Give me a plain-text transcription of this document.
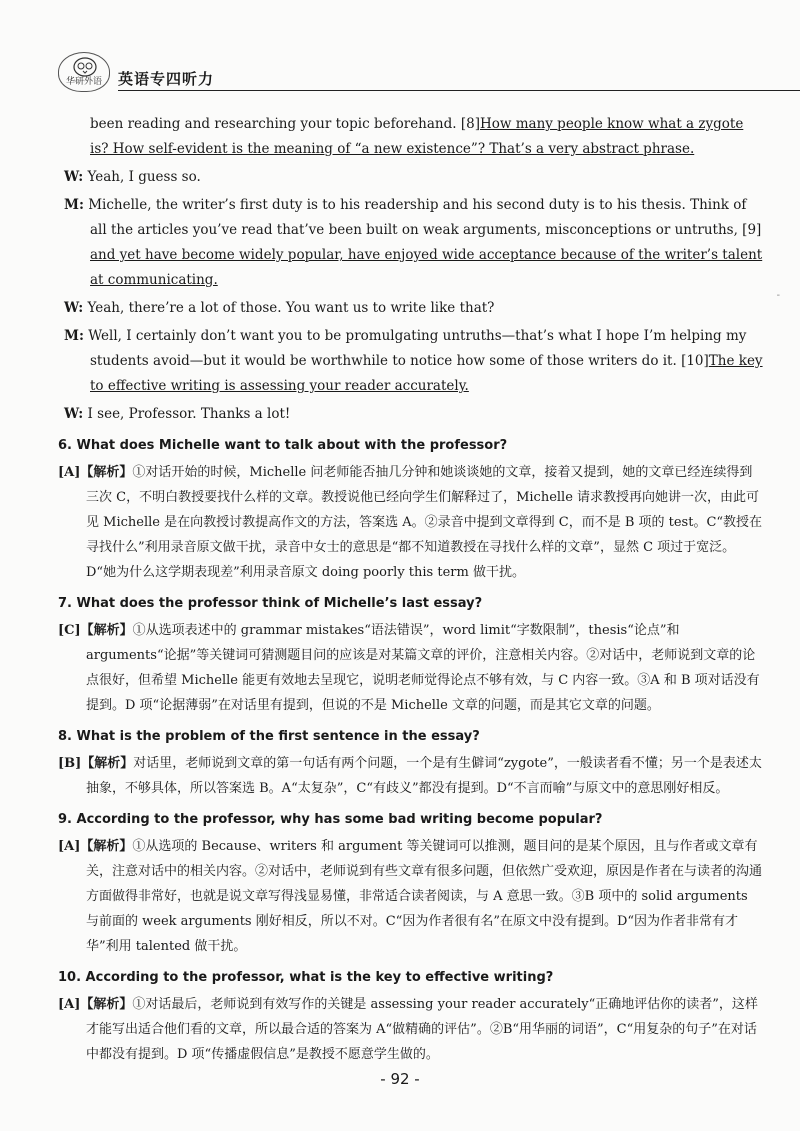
华研外语	英语专四听力
-
been reading and researching your topic beforehand. [8]How many people know what a zygote is? How self-evident is the meaning of “a new existence”? That’s a very abstract phrase.
W: Yeah, I guess so.
M: Michelle, the writer’s first duty is to his readership and his second duty is to his thesis. Think of all the articles you’ve read that’ve been built on weak arguments, misconceptions or untruths, [9] and yet have become widely popular, have enjoyed wide acceptance because of the writer’s talent at communicating.
W: Yeah, there’re a lot of those. You want us to write like that?
M: Well, I certainly don’t want you to be promulgating untruths—that’s what I hope I’m helping my students avoid—but it would be worthwhile to notice how some of those writers do it. [10]The key to effective writing is assessing your reader accurately.
W: I see, Professor. Thanks a lot!
6. What does Michelle want to talk about with the professor?
[A]【解析】①对话开始的时候，Michelle 问老师能否抽几分钟和她谈谈她的文章，接着又提到，她的文章已经连续得到三次 C，不明白教授要找什么样的文章。教授说他已经向学生们解释过了，Michelle 请求教授再向她讲一次，由此可见 Michelle 是在向教授讨教提高作文的方法，答案选 A。②录音中提到文章得到 C，而不是 B 项的 test。C“教授在寻找什么”利用录音原文做干扰，录音中女士的意思是“都不知道教授在寻找什么样的文章”，显然 C 项过于宽泛。D“她为什么这学期表现差”利用录音原文 doing poorly this term 做干扰。
7. What does the professor think of Michelle’s last essay?
[C]【解析】①从选项表述中的 grammar mistakes“语法错误”，word limit“字数限制”，thesis“论点”和 arguments“论据”等关键词可猜测题目问的应该是对某篇文章的评价，注意相关内容。②对话中，老师说到文章的论点很好，但希望 Michelle 能更有效地去呈现它，说明老师觉得论点不够有效，与 C 内容一致。③A 和 B 项对话没有提到。D 项“论据薄弱”在对话里有提到，但说的不是 Michelle 文章的问题，而是其它文章的问题。
8. What is the problem of the first sentence in the essay?
[B]【解析】对话里，老师说到文章的第一句话有两个问题，一个是有生僻词“zygote”，一般读者看不懂；另一个是表述太抽象，不够具体，所以答案选 B。A“太复杂”，C“有歧义”都没有提到。D“不言而喻”与原文中的意思刚好相反。
9. According to the professor, why has some bad writing become popular?
[A]【解析】①从选项的 Because、writers 和 argument 等关键词可以推测，题目问的是某个原因，且与作者或文章有关，注意对话中的相关内容。②对话中，老师说到有些文章有很多问题，但依然广受欢迎，原因是作者在与读者的沟通方面做得非常好，也就是说文章写得浅显易懂，非常适合读者阅读，与 A 意思一致。③B 项中的 solid arguments 与前面的 week arguments 刚好相反，所以不对。C“因为作者很有名”在原文中没有提到。D“因为作者非常有才华”利用 talented 做干扰。
10. According to the professor, what is the key to effective writing?
[A]【解析】①对话最后，老师说到有效写作的关键是 assessing your reader accurately“正确地评估你的读者”，这样才能写出适合他们看的文章，所以最合适的答案为 A“做精确的评估”。②B“用华丽的词语”，C“用复杂的句子”在对话中都没有提到。D 项“传播虚假信息”是教授不愿意学生做的。
- 92 -
